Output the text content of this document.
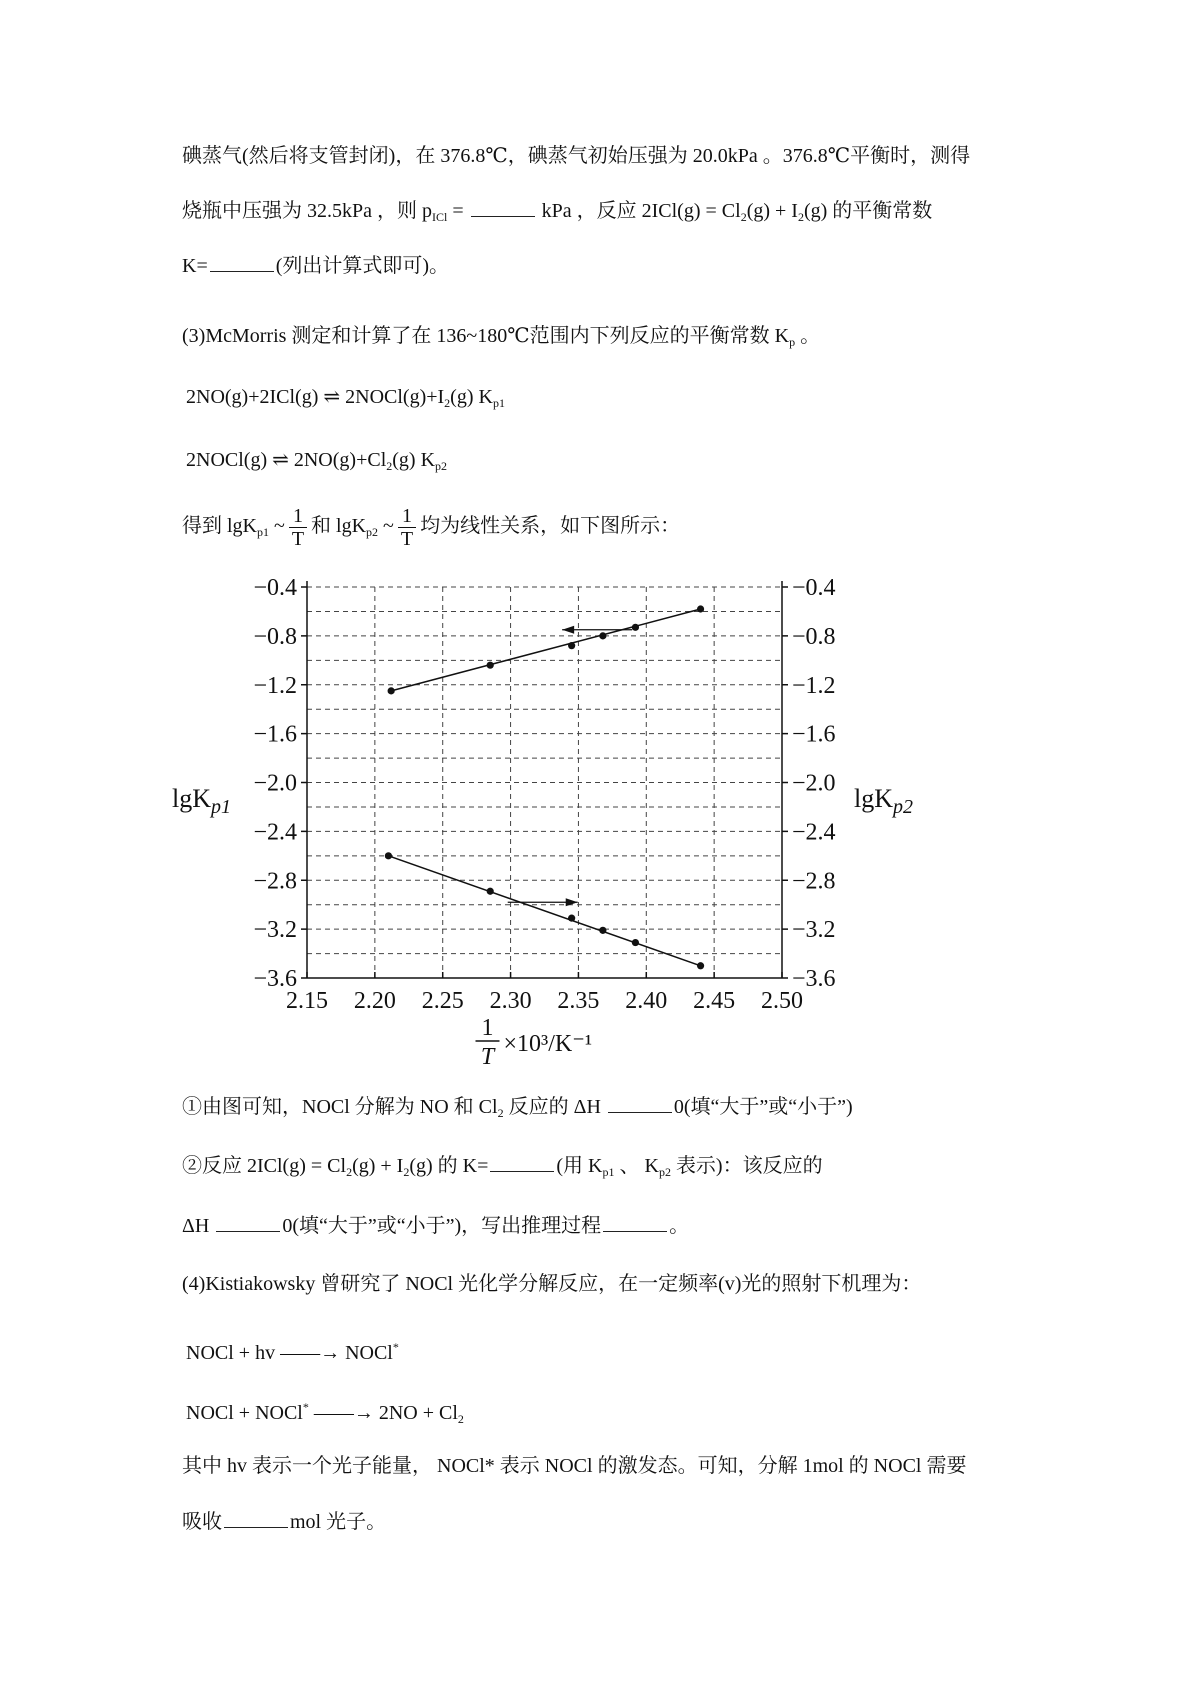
碘蒸气(然后将支管封闭)，在 376.8℃，碘蒸气初始压强为 20.0kPa 。376.8℃平衡时，测得
烧瓶中压强为 32.5kPa ，则 $p_{ICl}$ =	kPa ，反应 $2ICl(g) = Cl_2(g) + I_2(g)$ 的平衡常数
K=	(列出计算式即可)。
(3)McMorris 测定和计算了在 136~180℃范围内下列反应的平衡常数 $K_p$ 。
2NO(g)+2ICl(g) ⇌ $2NOCl(g)+I_2(g)$ $K_{p1}$
2NOCl(g) ⇌ $2NO(g)+Cl_2(g)$ $K_{p2}$
得到 lgK$_{p1}$ ~ $\frac{1}{T}$ 和 lgK$_{p2}$ ~ $\frac{1}{T}$ 均为线性关系，如下图所示：
−0.4	−0.4
−0.8	−0.8
−1.2	−1.2
−1.6	−1.6
−2.0	−2.0
−2.4	−2.4
−2.8	−2.8
−3.2	−3.2
−3.6	−3.6
2.15 2.20 2.25 2.30 2.35 2.40 2.45 2.50
lgK$_{p1}$	lgK$_{p2}$
1
T ×10³/K⁻¹
①由图可知，NOCl 分解为 NO 和 $Cl_2$ 反应的 ΔH	0(填“大于”或“小于”)
②反应 $2ICl(g) = Cl_2(g) + I_2(g)$ 的 K=	(用 $K_{p1}$ 、 $K_{p2}$ 表示)：该反应的
ΔH	0(填“大于”或“小于”)，写出推理过程	。
(4)Kistiakowsky 曾研究了 NOCl 光化学分解反应，在一定频率(v)光的照射下机理为：
NOCl + hv ——→ NOCl*
NOCl + NOCl* ——→ $2NO + Cl_2$
其中 hv 表示一个光子能量， NOCl* 表示 NOCl 的激发态。可知，分解 1mol 的 NOCl 需要
吸收	mol 光子。
